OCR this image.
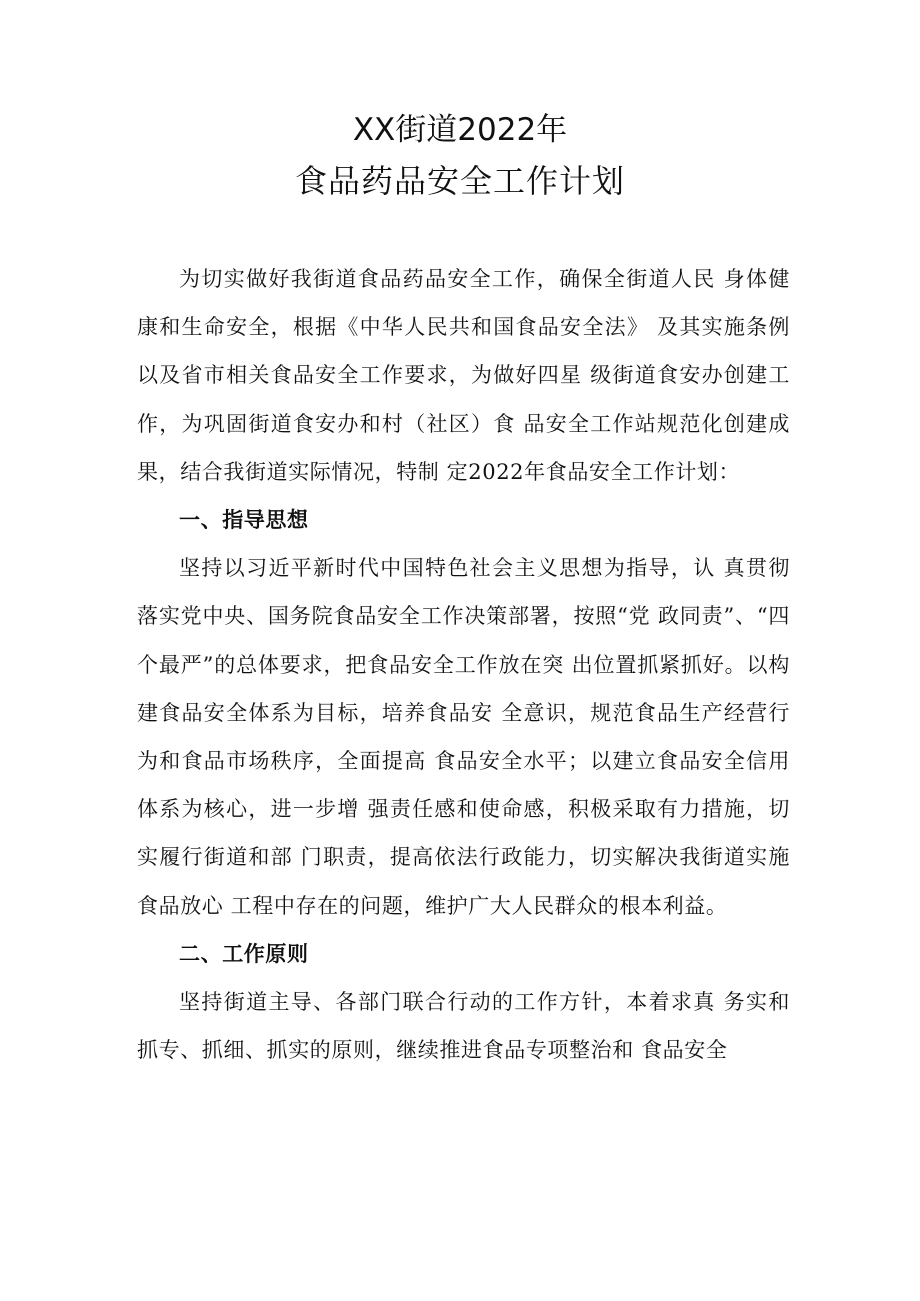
XX街道2022年
食品药品安全工作计划

为切实做好我街道食品药品安全工作，确保全街道人民 身体健康和生命安全，根据《中华人民共和国食品安全法》 及其实施条例以及省市相关食品安全工作要求，为做好四星 级街道食安办创建工作，为巩固街道食安办和村（社区）食 品安全工作站规范化创建成果，结合我街道实际情况，特制 定2022年食品安全工作计划：

一、指导思想

坚持以习近平新时代中国特色社会主义思想为指导，认 真贯彻落实党中央、国务院食品安全工作决策部署，按照“党 政同责”、“四个最严”的总体要求，把食品安全工作放在突 出位置抓紧抓好。以构建食品安全体系为目标，培养食品安 全意识，规范食品生产经营行为和食品市场秩序，全面提高 食品安全水平；以建立食品安全信用体系为核心，进一步增 强责任感和使命感，积极采取有力措施，切实履行街道和部 门职责，提高依法行政能力，切实解决我街道实施食品放心 工程中存在的问题，维护广大人民群众的根本利益。

二、工作原则

坚持街道主导、各部门联合行动的工作方针，本着求真 务实和抓专、抓细、抓实的原则，继续推进食品专项整治和 食品安全
